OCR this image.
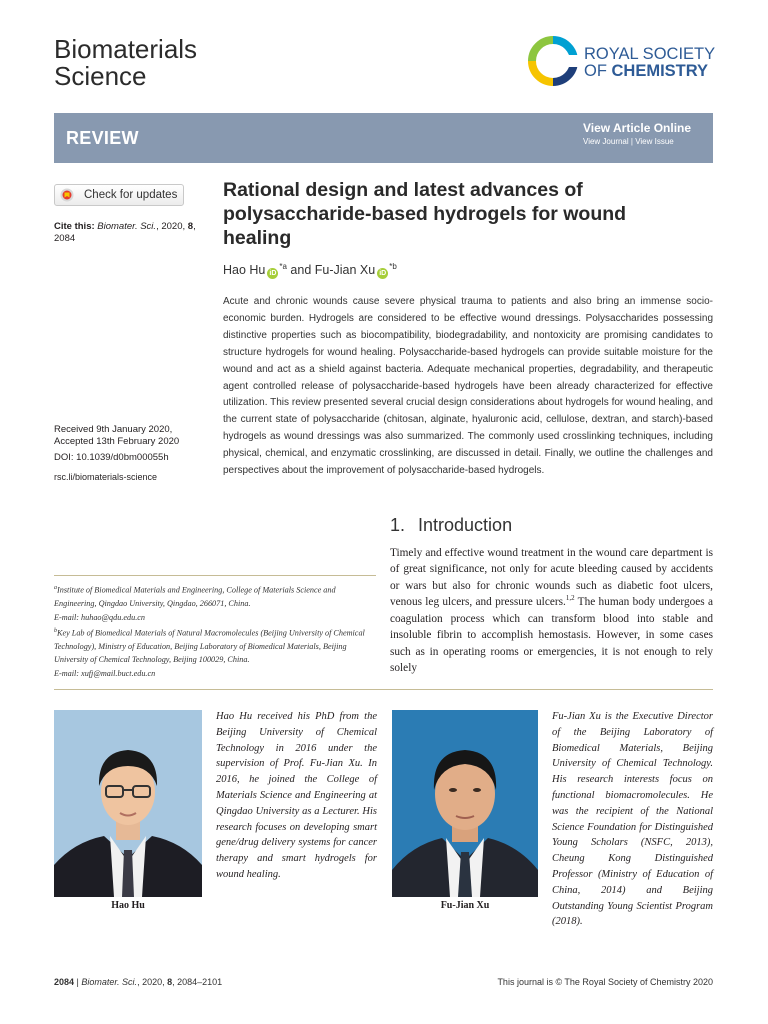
Biomaterials
Science
ROYAL SOCIETY
OF CHEMISTRY
REVIEW	View Article Online
View Journal | View Issue
Check for updates
Cite this: Biomater. Sci., 2020, 8, 2084
Received 9th January 2020,
Accepted 13th February 2020
DOI: 10.1039/d0bm00055h
rsc.li/biomaterials-science
Rational design and latest advances of polysaccharide-based hydrogels for wound healing
Hao Hu $iD^{*a}$ and Fu-Jian Xu $iD^{*b}$
Acute and chronic wounds cause severe physical trauma to patients and also bring an immense socio-economic burden. Hydrogels are considered to be effective wound dressings. Polysaccharides possessing distinctive properties such as biocompatibility, biodegradability, and nontoxicity are promising candidates to structure hydrogels for wound healing. Polysaccharide-based hydrogels can provide suitable moisture for the wound and act as a shield against bacteria. Adequate mechanical properties, degradability, and therapeutic agent controlled release of polysaccharide-based hydrogels have been already characterized for effective utilization. This review presented several crucial design considerations about hydrogels for wound healing, and the current state of polysaccharide (chitosan, alginate, hyaluronic acid, cellulose, dextran, and starch)-based hydrogels as wound dressings was also summarized. The commonly used crosslinking techniques, including physical, chemical, and enzymatic crosslinking, are discussed in detail. Finally, we outline the challenges and perspectives about the improvement of polysaccharide-based hydrogels.
1. Introduction
Timely and effective wound treatment in the wound care department is of great significance, not only for acute bleeding caused by accidents or wars but also for chronic wounds such as diabetic foot ulcers, venous leg ulcers, and pressure ulcers.$^{1,2}$ The human body undergoes a coagulation process which can transform blood into stable and insoluble fibrin to accomplish hemostasis. However, in some cases such as in operating rooms or emergencies, it is not enough to rely solely
$^a$Institute of Biomedical Materials and Engineering, College of Materials Science and Engineering, Qingdao University, Qingdao, 266071, China.
E-mail: huhao@qdu.edu.cn
$^b$Key Lab of Biomedical Materials of Natural Macromolecules (Beijing University of Chemical Technology), Ministry of Education, Beijing Laboratory of Biomedical Materials, Beijing University of Chemical Technology, Beijing 100029, China.
E-mail: xufj@mail.buct.edu.cn
Hao Hu
Hao Hu received his PhD from the Beijing University of Chemical Technology in 2016 under the supervision of Prof. Fu-Jian Xu. In 2016, he joined the College of Materials Science and Engineering at Qingdao University as a Lecturer. His research focuses on developing smart gene/drug delivery systems for cancer therapy and smart hydrogels for wound healing.
Fu-Jian Xu
Fu-Jian Xu is the Executive Director of the Beijing Laboratory of Biomedical Materials, Beijing University of Chemical Technology. His research interests focus on functional biomacromolecules. He was the recipient of the National Science Foundation for Distinguished Young Scholars (NSFC, 2013), Cheung Kong Distinguished Professor (Ministry of Education of China, 2014) and Beijing Outstanding Young Scientist Program (2018).
2084 | Biomater. Sci., 2020, 8, 2084–2101	This journal is © The Royal Society of Chemistry 2020
